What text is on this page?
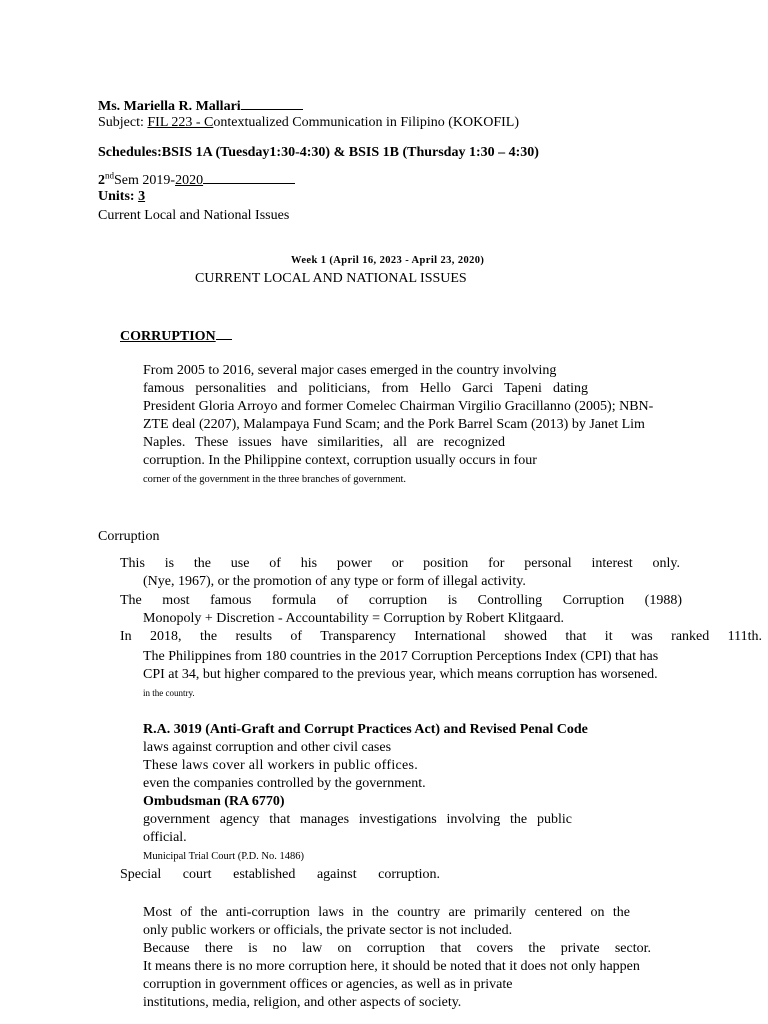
Ms. Mariella R. Mallari
Subject: FIL 223 - Contextualized Communication in Filipino (KOKOFIL)
Schedules:BSIS 1A (Tuesday1:30-4:30) & BSIS 1B (Thursday 1:30 – 4:30)
2ndSem 2019-2020
Units: 3
Current Local and National Issues
Week 1 (April 16, 2023 - April 23, 2020)
CURRENT LOCAL AND NATIONAL ISSUES
CORRUPTION
From 2005 to 2016, several major cases emerged in the country involving
famous personalities and politicians, from Hello Garci Tapeni dating
President Gloria Arroyo and former Comelec Chairman Virgilio Gracillanno (2005); NBN-
ZTE deal (2207), Malampaya Fund Scam; and the Pork Barrel Scam (2013) by Janet Lim
Naples. These issues have similarities, all are recognized
corruption. In the Philippine context, corruption usually occurs in four
corner of the government in the three branches of government.
Corruption
This is the use of his power or position for personal interest only.
(Nye, 1967), or the promotion of any type or form of illegal activity.
The most famous formula of corruption is Controlling Corruption (1988)
Monopoly + Discretion - Accountability = Corruption by Robert Klitgaard.
In 2018, the results of Transparency International showed that it was ranked 111th.
The Philippines from 180 countries in the 2017 Corruption Perceptions Index (CPI) that has
CPI at 34, but higher compared to the previous year, which means corruption has worsened.
in the country.
R.A. 3019 (Anti-Graft and Corrupt Practices Act) and Revised Penal Code
laws against corruption and other civil cases
These laws cover all workers in public offices.
even the companies controlled by the government.
Ombudsman (RA 6770)
government agency that manages investigations involving the public
official.
Municipal Trial Court (P.D. No. 1486)
Special court established against corruption.
Most of the anti-corruption laws in the country are primarily centered on the
only public workers or officials, the private sector is not included.
Because there is no law on corruption that covers the private sector.
It means there is no more corruption here, it should be noted that it does not only happen
corruption in government offices or agencies, as well as in private
institutions, media, religion, and other aspects of society.
